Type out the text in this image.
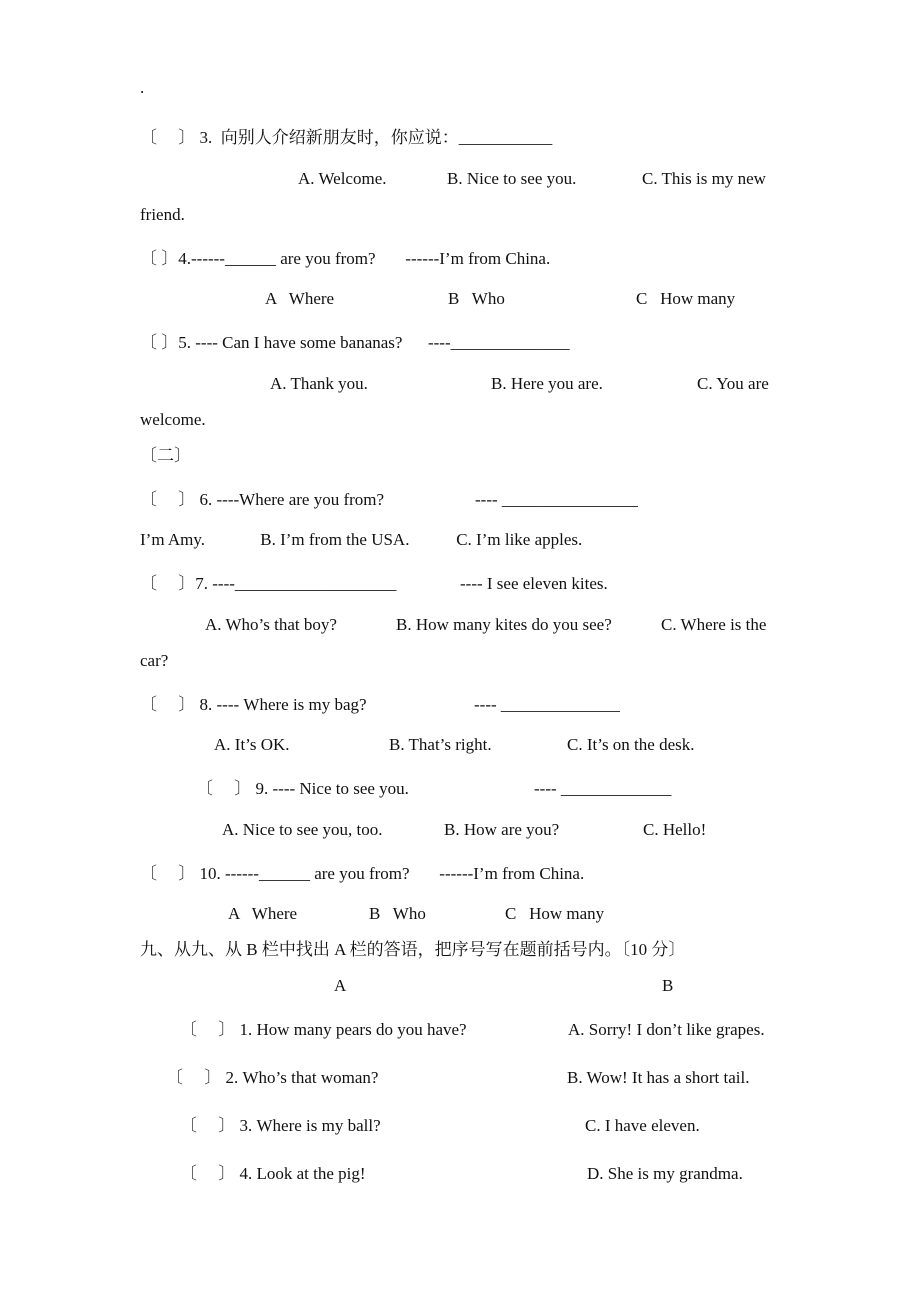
.
〔　 〕 3.  向别人介绍新朋友时，你应说：___________
A. Welcome.	B. Nice to see you.	C. This is my new
friend.
〔 〕4.------______ are you from?       ------I’m from China.
A   Where	B   Who	C   How many
〔 〕5. ---- Can I have some bananas?      ----______________
A. Thank you.	B. Here you are.	C. You are
welcome.
〔二〕
〔　 〕 6. ----Where are you from?	---- ________________
I’m Amy.             B. I’m from the USA.           C. I’m like apples.
〔　 〕7. ----___________________	---- I see eleven kites.
A. Who’s that boy?	B. How many kites do you see?	C. Where is the
car?
〔　 〕 8. ---- Where is my bag?	---- ______________
A. It’s OK.	B. That’s right.	C. It’s on the desk.
〔　 〕 9. ---- Nice to see you.	---- _____________
A. Nice to see you, too.	B. How are you?	C. Hello!
〔　 〕 10. ------______ are you from?       ------I’m from China.
A   Where	B   Who	C   How many
九、从九、从 B 栏中找出 A 栏的答语，把序号写在题前括号内。〔10 分〕
A	B
〔　 〕 1. How many pears do you have?	A. Sorry! I don’t like grapes.
〔　 〕 2. Who’s that woman?	B. Wow! It has a short tail.
〔　 〕 3. Where is my ball?	C. I have eleven.
〔　 〕 4. Look at the pig!	D. She is my grandma.
